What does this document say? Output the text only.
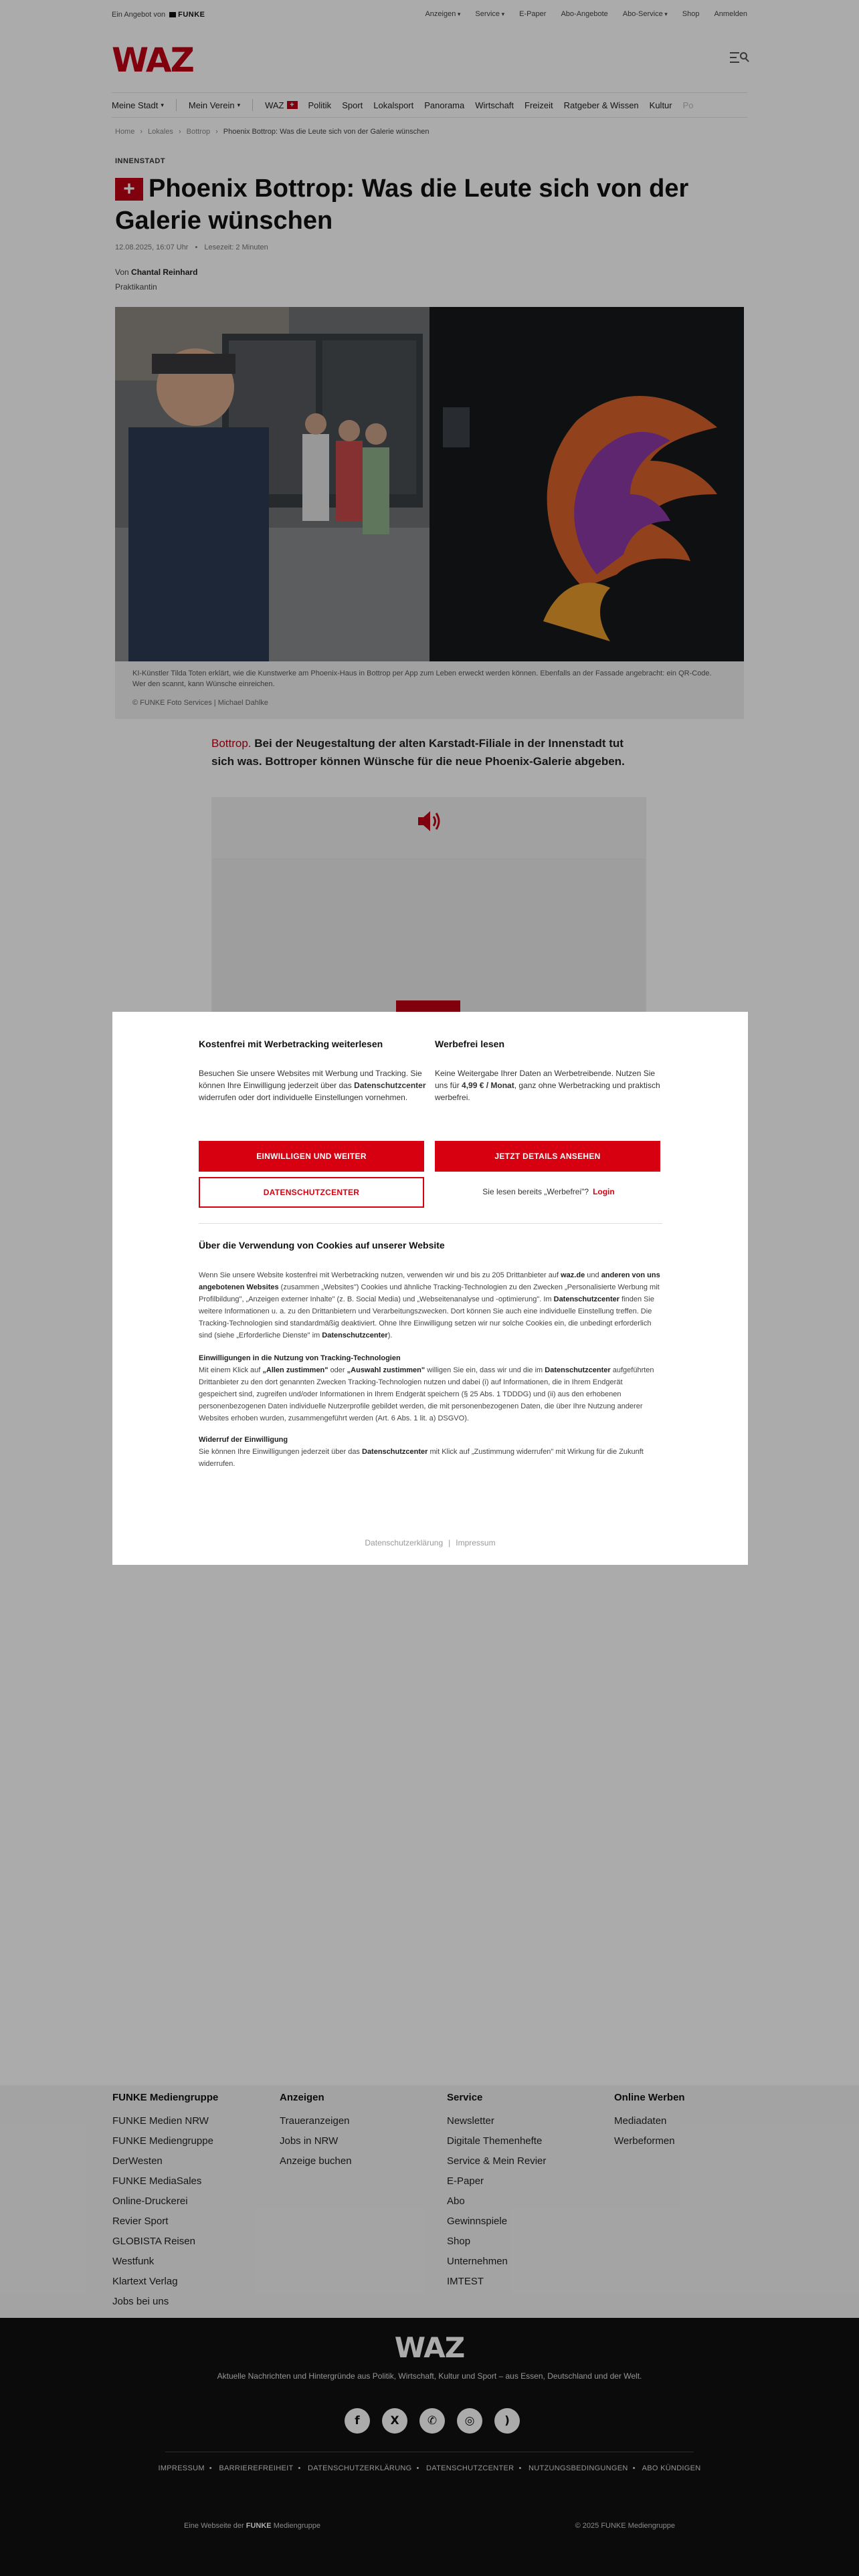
Ein Angebot von FUNKE	Anzeigen ▾	Service ▾	E-Paper Abo-Angebote Abo-Service ▾	Shop Anmelden
WAZ
Meine Stadt ▾	Mein Verein ▾	WAZ +	Politik	Sport	Lokalsport	Panorama	Wirtschaft	Freizeit	Ratgeber & Wissen	Kultur	Po
Home › Lokales › Bottrop › Phoenix Bottrop: Was die Leute sich von der Galerie wünschen
INNENSTADT
+ Phoenix Bottrop: Was die Leute sich von der Galerie wünschen
12.08.2025, 16:07 Uhr • Lesezeit: 2 Minuten
Von Chantal Reinhard
Praktikantin
KI-Künstler Tilda Toten erklärt, wie die Kunstwerke am Phoenix-Haus in Bottrop per App zum Leben erweckt werden können. Ebenfalls an der Fassade angebracht: ein QR-Code. Wer den scannt, kann Wünsche einreichen.
© FUNKE Foto Services | Michael Dahlke

Bottrop. Bei der Neugestaltung der alten Karstadt-Filiale in der Innenstadt tut sich was. Bottroper können Wünsche für die neue Phoenix-Galerie abgeben.

FUNKE Mediengruppe
FUNKE Medien NRW
FUNKE Mediengruppe
DerWesten
FUNKE MediaSales
Online-Druckerei
Revier Sport
GLOBISTA Reisen
Westfunk
Klartext Verlag
Jobs bei uns
Anzeigen
Traueranzeigen
Jobs in NRW
Anzeige buchen
Service
Newsletter
Digitale Themenhefte
Service & Mein Revier
E-Paper
Abo
Gewinnspiele
Shop
Unternehmen
IMTEST
Online Werben
Mediadaten
Werbeformen
WAZ
Aktuelle Nachrichten und Hintergründe aus Politik, Wirtschaft, Kultur und Sport – aus Essen, Deutschland und der Welt.
f	X	✆	◎	)
IMPRESSUM • BARRIEREFREIHEIT • DATENSCHUTZERKLÄRUNG • DATENSCHUTZCENTER • NUTZUNGSBEDINGUNGEN • ABO KÜNDIGEN
Eine Webseite der FUNKE Mediengruppe	© 2025 FUNKE Mediengruppe
Kostenfrei mit Werbetracking weiterlesen

Besuchen Sie unsere Websites mit Werbung und Tracking. Sie können Ihre Einwilligung jederzeit über das Datenschutzcenter widerrufen oder dort individuelle Einstellungen vornehmen.

Werbefrei lesen

Keine Weitergabe Ihrer Daten an Werbetreibende. Nutzen Sie uns für 4,99 € / Monat, ganz ohne Werbetracking und praktisch werbefrei.

EINWILLIGEN UND WEITER	JETZT DETAILS ANSEHEN
DATENSCHUTZCENTER	Sie lesen bereits „Werbefrei"? Login
Über die Verwendung von Cookies auf unserer Website

Wenn Sie unsere Website kostenfrei mit Werbetracking nutzen, verwenden wir und bis zu 205 Drittanbieter auf waz.de und anderen von uns angebotenen Websites (zusammen „Websites") Cookies und ähnliche Tracking-Technologien zu den Zwecken „Personalisierte Werbung mit Profilbildung", „Anzeigen externer Inhalte" (z. B. Social Media) und „Webseitenanalyse und -optimierung". Im Datenschutzcenter finden Sie weitere Informationen u. a. zu den Drittanbietern und Verarbeitungszwecken. Dort können Sie auch eine individuelle Einstellung treffen. Die Tracking-Technologien sind standardmäßig deaktiviert. Ohne Ihre Einwilligung setzen wir nur solche Cookies ein, die unbedingt erforderlich sind (siehe „Erforderliche Dienste" im Datenschutzcenter).

Einwilligungen in die Nutzung von Tracking-Technologien
Mit einem Klick auf „Allen zustimmen" oder „Auswahl zustimmen" willigen Sie ein, dass wir und die im Datenschutzcenter aufgeführten Drittanbieter zu den dort genannten Zwecken Tracking-Technologien nutzen und dabei (i) auf Informationen, die in Ihrem Endgerät gespeichert sind, zugreifen und/oder Informationen in Ihrem Endgerät speichern (§ 25 Abs. 1 TDDDG) und (ii) aus den erhobenen personenbezogenen Daten individuelle Nutzerprofile gebildet werden, die mit personenbezogenen Daten, die über Ihre Nutzung anderer Websites erhoben wurden, zusammengeführt werden (Art. 6 Abs. 1 lit. a) DSGVO).

Widerruf der Einwilligung
Sie können Ihre Einwilligungen jederzeit über das Datenschutzcenter mit Klick auf „Zustimmung widerrufen" mit Wirkung für die Zukunft widerrufen.

Datenschutzerklärung | Impressum
